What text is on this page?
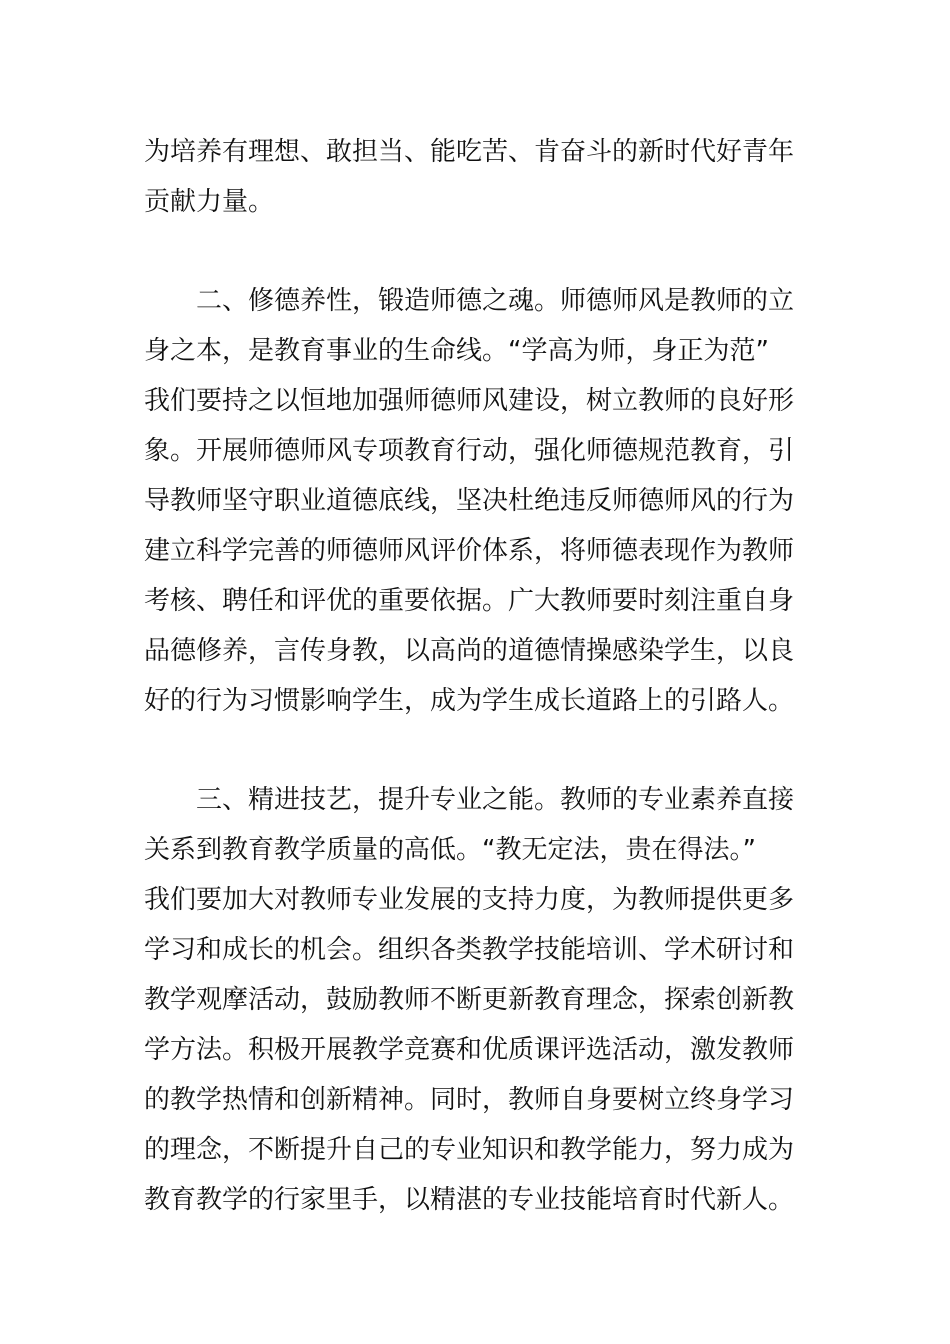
为培养有理想、敢担当、能吃苦、肯奋斗的新时代好青年
贡献力量。
二、修德养性，锻造师德之魂。师德师风是教师的立
身之本，是教育事业的生命线。“学高为师，身正为范”
我们要持之以恒地加强师德师风建设，树立教师的良好形
象。开展师德师风专项教育行动，强化师德规范教育，引
导教师坚守职业道德底线，坚决杜绝违反师德师风的行为
建立科学完善的师德师风评价体系，将师德表现作为教师
考核、聘任和评优的重要依据。广大教师要时刻注重自身
品德修养，言传身教，以高尚的道德情操感染学生，以良
好的行为习惯影响学生，成为学生成长道路上的引路人。
三、精进技艺，提升专业之能。教师的专业素养直接
关系到教育教学质量的高低。“教无定法，贵在得法。”
我们要加大对教师专业发展的支持力度，为教师提供更多
学习和成长的机会。组织各类教学技能培训、学术研讨和
教学观摩活动，鼓励教师不断更新教育理念，探索创新教
学方法。积极开展教学竞赛和优质课评选活动，激发教师
的教学热情和创新精神。同时，教师自身要树立终身学习
的理念，不断提升自己的专业知识和教学能力，努力成为
教育教学的行家里手，以精湛的专业技能培育时代新人。
